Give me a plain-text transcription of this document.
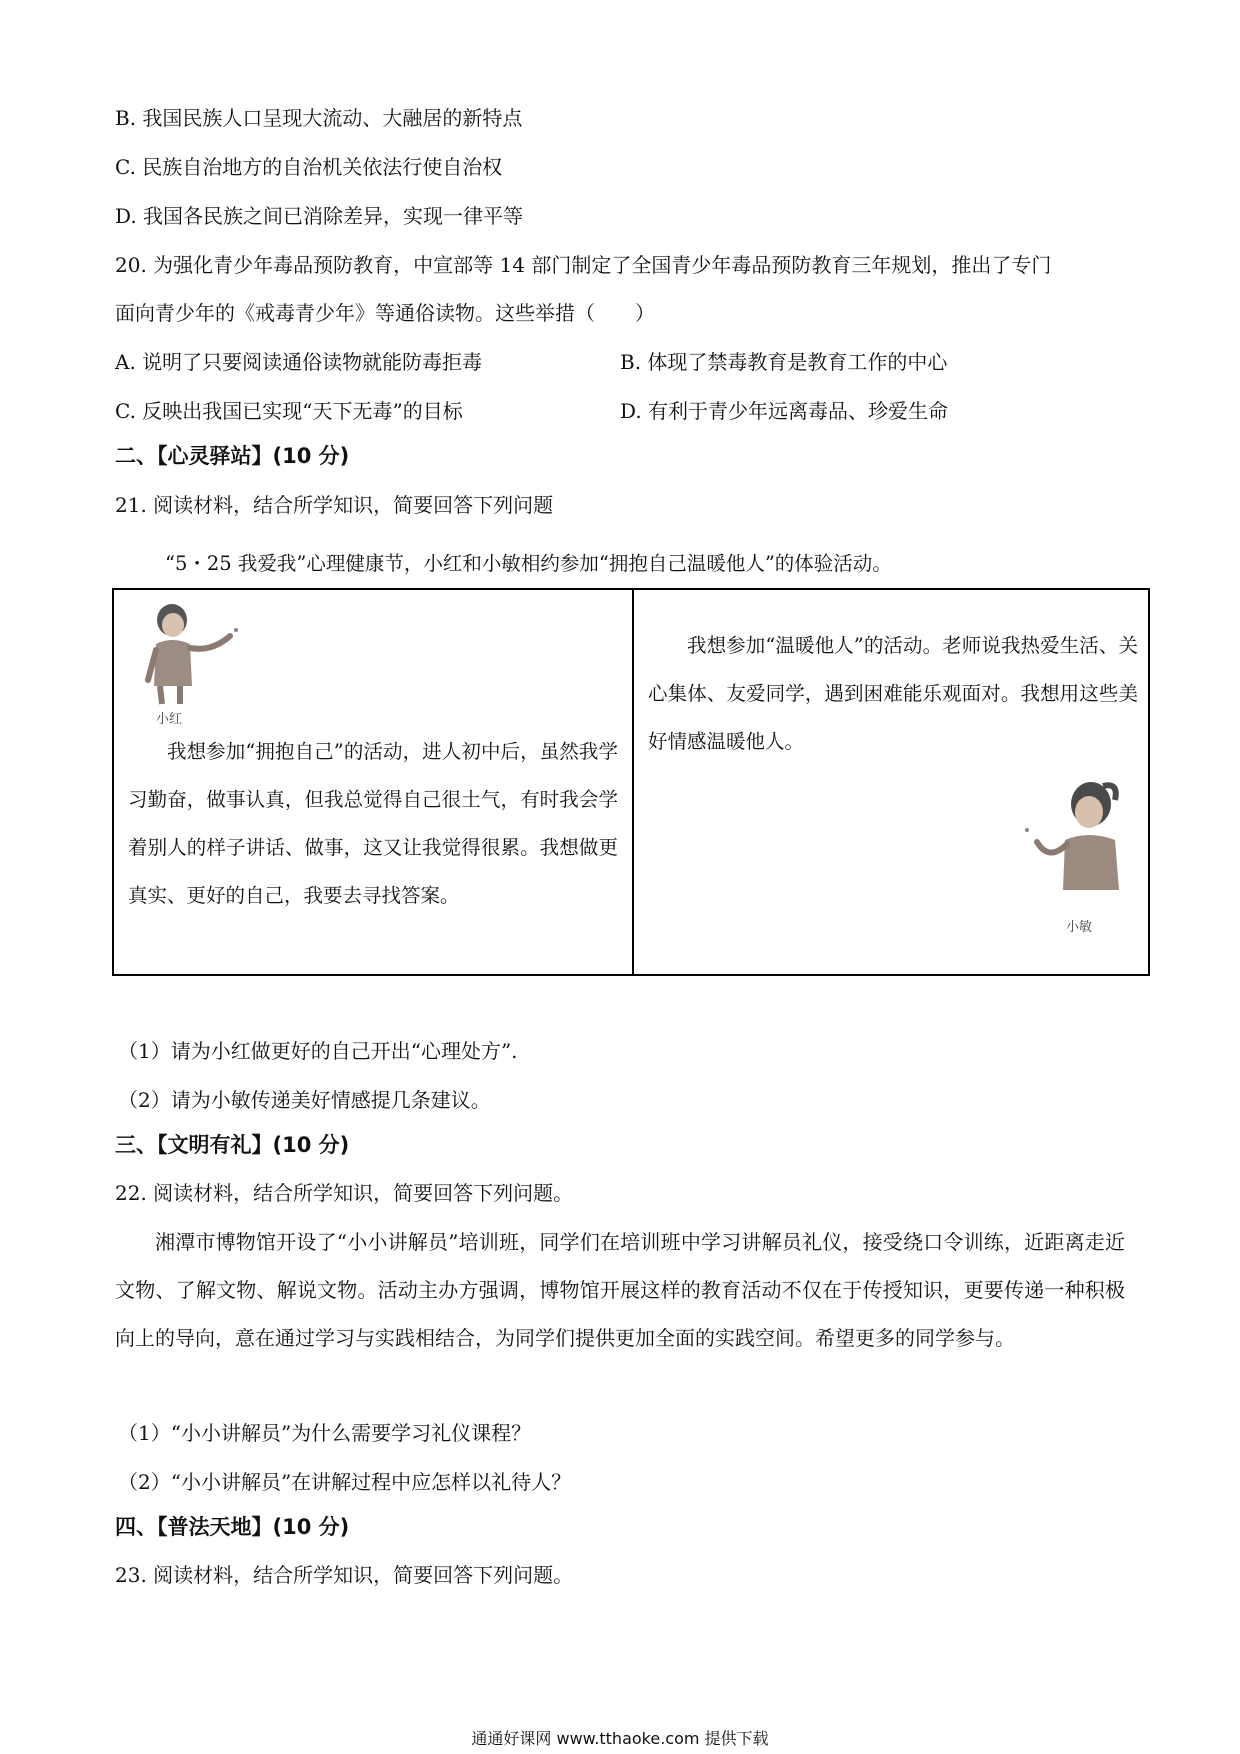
B. 我国民族人口呈现大流动、大融居的新特点
C. 民族自治地方的自治机关依法行使自治权
D. 我国各民族之间已消除差异，实现一律平等
20. 为强化青少年毒品预防教育，中宣部等 14 部门制定了全国青少年毒品预防教育三年规划，推出了专门
面向青少年的《戒毒青少年》等通俗读物。这些举措（　　）
A. 说明了只要阅读通俗读物就能防毒拒毒	B. 体现了禁毒教育是教育工作的中心
C. 反映出我国已实现“天下无毒”的目标	D. 有利于青少年远离毒品、珍爱生命
二、【心灵驿站】(10 分)
21. 阅读材料，结合所学知识，简要回答下列问题
“5・25 我爱我”心理健康节，小红和小敏相约参加“拥抱自己温暖他人”的体验活动。
小红
我想参加“拥抱自己”的活动，进人初中后，虽然我学习勤奋，做事认真，但我总觉得自己很土气，有时我会学着别人的样子讲话、做事，这又让我觉得很累。我想做更真实、更好的自己，我要去寻找答案。
我想参加“温暖他人”的活动。老师说我热爱生活、关心集体、友爱同学，遇到困难能乐观面对。我想用这些美好情感温暖他人。
小敏
（1）请为小红做更好的自己开出“心理处方”.
（2）请为小敏传递美好情感提几条建议。
三、【文明有礼】(10 分)
22. 阅读材料，结合所学知识，简要回答下列问题。
湘潭市博物馆开设了“小小讲解员”培训班，同学们在培训班中学习讲解员礼仪，接受绕口令训练，近距离走近文物、了解文物、解说文物。活动主办方强调，博物馆开展这样的教育活动不仅在于传授知识，更要传递一种积极向上的导向，意在通过学习与实践相结合，为同学们提供更加全面的实践空间。希望更多的同学参与。
（1）“小小讲解员”为什么需要学习礼仪课程？
（2）“小小讲解员”在讲解过程中应怎样以礼待人？
四、【普法天地】(10 分)
23. 阅读材料，结合所学知识，简要回答下列问题。
通通好课网 www.tthaoke.com 提供下载
